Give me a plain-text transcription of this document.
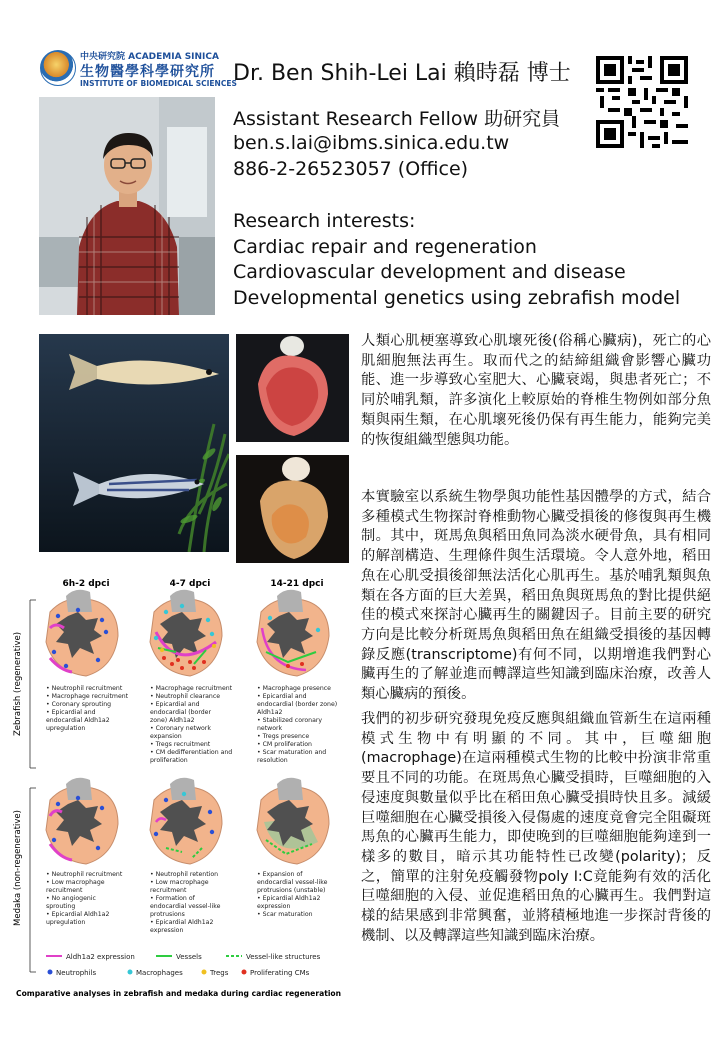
中央研究院 ACADEMIA SINICA
生物醫學科學研究所
INSTITUTE OF BIOMEDICAL SCIENCES
Dr. Ben Shih-Lei Lai 賴時磊 博士
Assistant Research Fellow 助研究員
ben.s.lai@ibms.sinica.edu.tw
886-2-26523057 (Office)
Research interests:
Cardiac repair and regeneration
Cardiovascular development and disease
Developmental genetics using zebrafish model
6h-2 dpci	4-7 dpci	14-21 dpci
Zebrafish (regenerative)
Medaka (non-regenerative)
• Neutrophil recruitment
• Macrophage recruitment
• Coronary sprouting
• Epicardial and
endocardial Aldh1a2
upregulation
• Macrophage recruitment
• Neutrophil clearance
• Epicardial and
endocardial (border
zone) Aldh1a2
• Coronary network
expansion
• Tregs recruitment
• CM dedifferentiation and
proliferation
• Macrophage presence
• Epicardial and
endocardial (border zone)
Aldh1a2
• Stabilized coronary
network
• Tregs presence
• CM proliferation
• Scar maturation and
resolution
• Neutrophil recruitment
• Low macrophage
recruitment
• No angiogenic
sprouting
• Epicardial Aldh1a2
upregulation
• Neutrophil retention
• Low macrophage
recruitment
• Formation of
endocardial vessel-like
protrusions
• Epicardial Aldh1a2
expression
• Expansion of
endocardial vessel-like
protrusions (unstable)
• Epicardial Aldh1a2
expression
• Scar maturation
Aldh1a2 expression	Vessels	Vessel-like structures
Neutrophils	Macrophages	Tregs	Proliferating CMs
Comparative analyses in zebrafish and medaka during cardiac regeneration
人類心肌梗塞導致心肌壞死後(俗稱心臟病)，死亡的心肌細胞無法再生。取而代之的結締組織會影響心臟功能、進一步導致心室肥大、心臟衰竭，與患者死亡；不同於哺乳類，許多演化上較原始的脊椎生物例如部分魚類與兩生類，在心肌壞死後仍保有再生能力，能夠完美的恢復組織型態與功能。
本實驗室以系統生物學與功能性基因體學的方式，結合多種模式生物探討脊椎動物心臟受損後的修復與再生機制。其中，斑馬魚與稻田魚同為淡水硬骨魚，具有相同的解剖構造、生理條件與生活環境。令人意外地，稻田魚在心肌受損後卻無法活化心肌再生。基於哺乳類與魚類在各方面的巨大差異，稻田魚與斑馬魚的對比提供絕佳的模式來探討心臟再生的關鍵因子。目前主要的研究方向是比較分析斑馬魚與稻田魚在組織受損後的基因轉錄反應(transcriptome)有何不同，以期增進我們對心臟再生的了解並進而轉譯這些知識到臨床治療，改善人類心臟病的預後。
我們的初步研究發現免疫反應與組織血管新生在這兩種模式生物中有明顯的不同。其中，巨噬細胞(macrophage)在這兩種模式生物的比較中扮演非常重要且不同的功能。在斑馬魚心臟受損時，巨噬細胞的入侵速度與數量似乎比在稻田魚心臟受損時快且多。減緩巨噬細胞在心臟受損後入侵傷處的速度竟會完全阻礙斑馬魚的心臟再生能力，即使晚到的巨噬細胞能夠達到一樣多的數目，暗示其功能特性已改變(polarity)；反之，簡單的注射免疫觸發物poly I:C竟能夠有效的活化巨噬細胞的入侵、並促進稻田魚的心臟再生。我們對這樣的結果感到非常興奮，並將積極地進一步探討背後的機制、以及轉譯這些知識到臨床治療。
